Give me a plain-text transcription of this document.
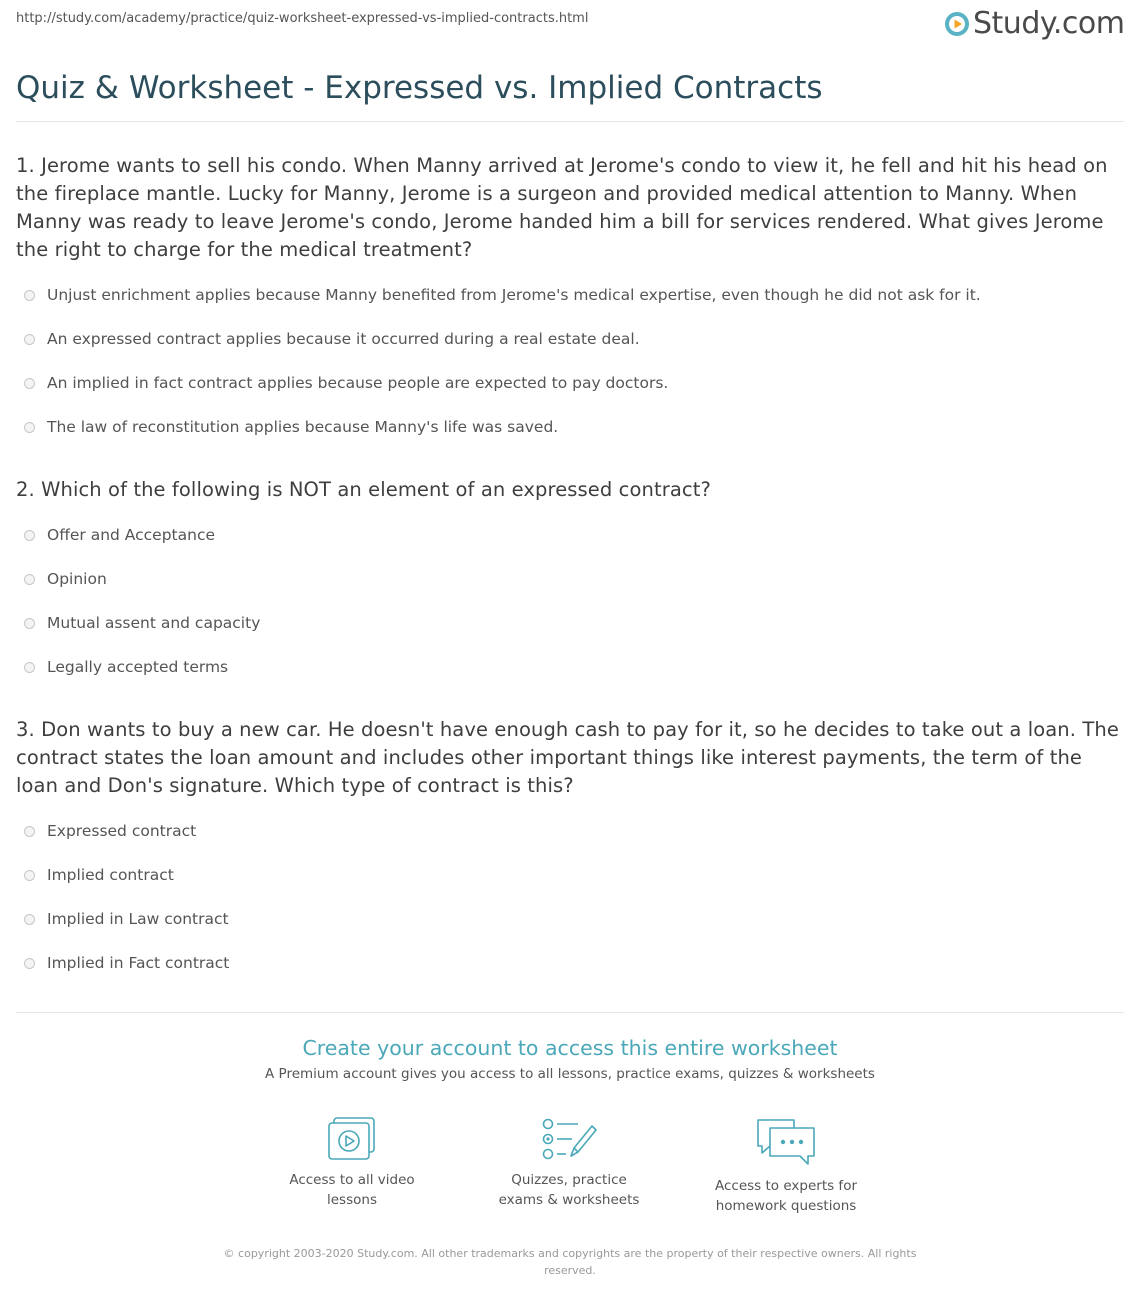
http://study.com/academy/practice/quiz-worksheet-expressed-vs-implied-contracts.html	Study.com
Quiz & Worksheet - Expressed vs. Implied Contracts

1. Jerome wants to sell his condo. When Manny arrived at Jerome's condo to view it, he fell and hit his head on the fireplace mantle. Lucky for Manny, Jerome is a surgeon and provided medical attention to Manny. When Manny was ready to leave Jerome's condo, Jerome handed him a bill for services rendered. What gives Jerome the right to charge for the medical treatment?

Unjust enrichment applies because Manny benefited from Jerome's medical expertise, even though he did not ask for it.
An expressed contract applies because it occurred during a real estate deal.
An implied in fact contract applies because people are expected to pay doctors.
The law of reconstitution applies because Manny's life was saved.

2. Which of the following is NOT an element of an expressed contract?

Offer and Acceptance
Opinion
Mutual assent and capacity
Legally accepted terms

3. Don wants to buy a new car. He doesn't have enough cash to pay for it, so he decides to take out a loan. The contract states the loan amount and includes other important things like interest payments, the term of the loan and Don's signature. Which type of contract is this?

Expressed contract
Implied contract
Implied in Law contract
Implied in Fact contract
Create your account to access this entire worksheet
A Premium account gives you access to all lessons, practice exams, quizzes & worksheets
Access to all video lessons
Quizzes, practice exams & worksheets
Access to experts for homework questions
© copyright 2003-2020 Study.com. All other trademarks and copyrights are the property of their respective owners. All rights reserved.
